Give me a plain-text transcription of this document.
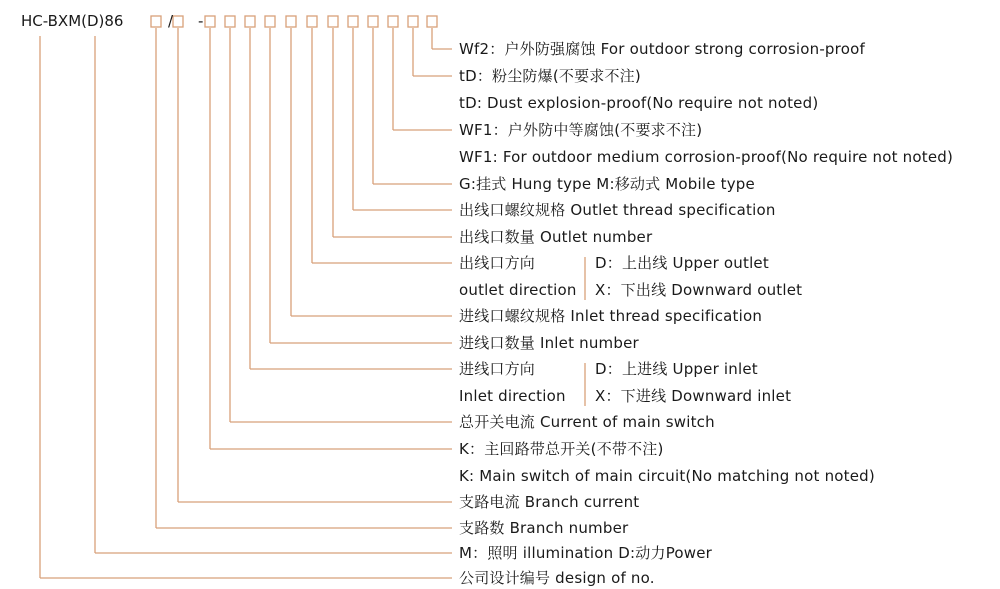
HC-BXM(D)86	/ -
Wf2：户外防强腐蚀 For outdoor strong corrosion-proof
tD：粉尘防爆(不要求不注)
tD: Dust explosion-proof(No require not noted)
WF1：户外防中等腐蚀(不要求不注)
WF1: For outdoor medium corrosion-proof(No require not noted)
G:挂式 Hung type M:移动式 Mobile type
出线口螺纹规格 Outlet thread specification
出线口数量 Outlet number
出线口方向
outlet direction
进线口螺纹规格 Inlet thread specification
进线口数量 Inlet number
进线口方向
Inlet direction
总开关电流 Current of main switch
K：主回路带总开关(不带不注)
K: Main switch of main circuit(No matching not noted)
支路电流 Branch current
支路数 Branch number
M：照明 illumination D:动力Power
公司设计编号 design of no.
D：上出线 Upper outlet
X：下出线 Downward outlet
D：上进线 Upper inlet
X：下进线 Downward inlet
